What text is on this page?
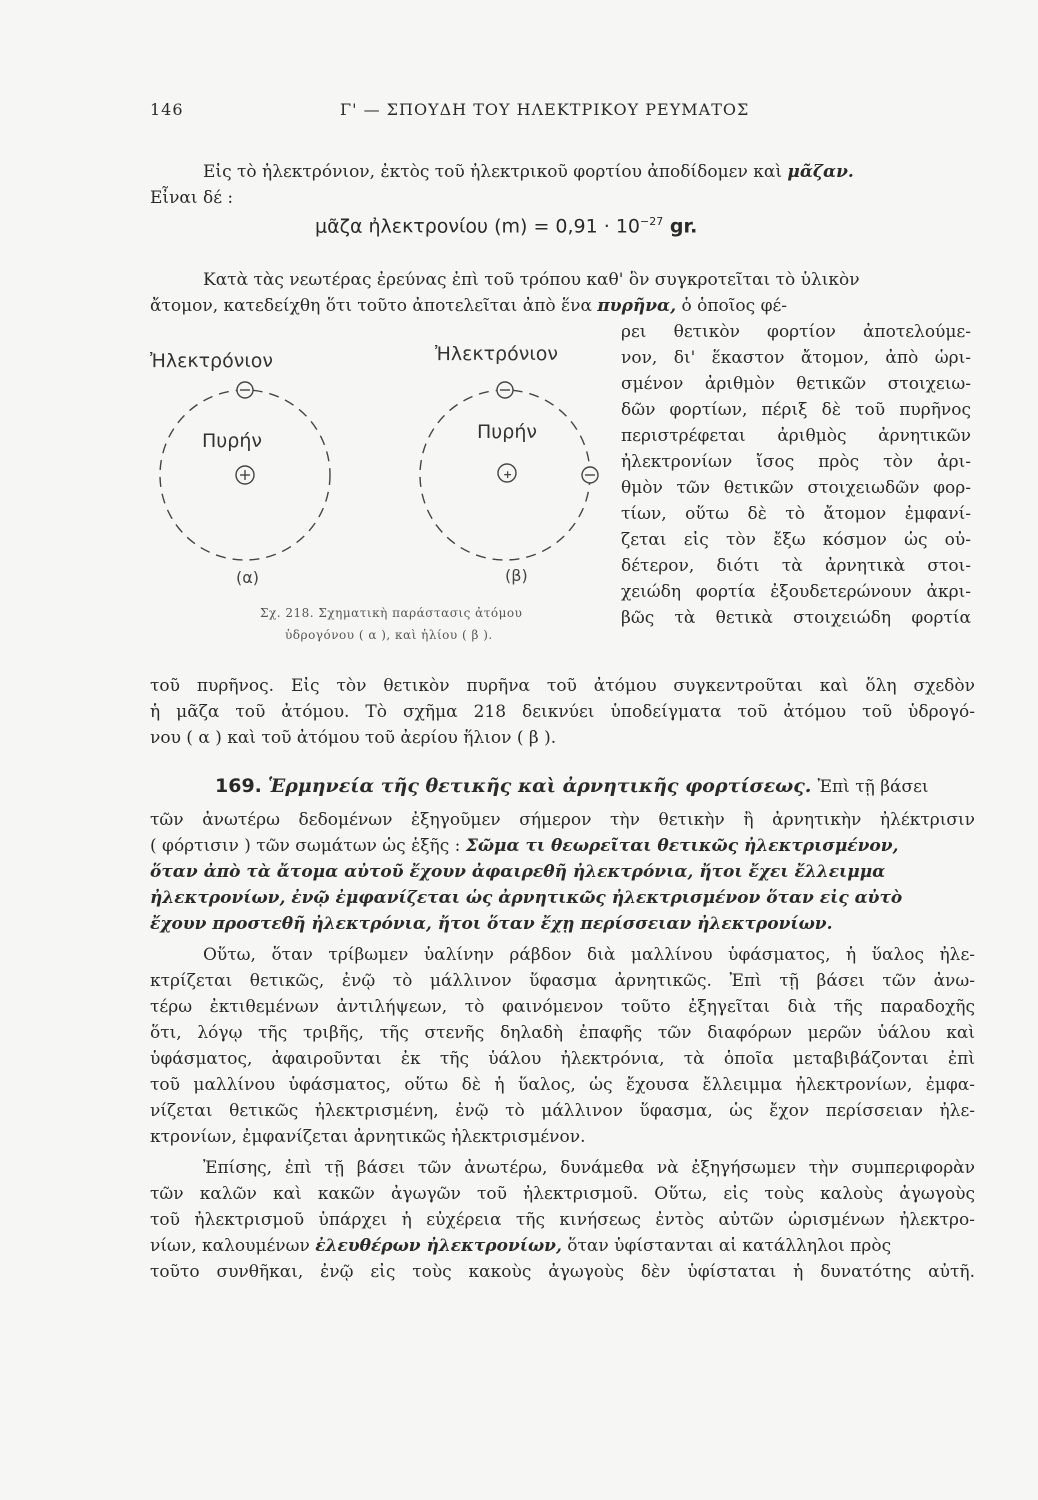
146	Γ' — ΣΠΟΥΔΗ ΤΟΥ ΗΛΕΚΤΡΙΚΟΥ ΡΕΥΜΑΤΟΣ
Εἰς τὸ ἠλεκτρόνιον, ἐκτὸς τοῦ ἠλεκτρικοῦ φορτίου ἀποδίδομεν καὶ μᾶζαν.
Εἶναι δέ :
μᾶζα ἠλεκτρονίου $(m) = 0,91 \cdot 10^{-27}$ gr.
Κατὰ τὰς νεωτέρας ἐρεύνας ἐπὶ τοῦ τρόπου καθ' ὃν συγκροτεῖται τὸ ὑλικὸν
ἄτομον, κατεδείχθη ὅτι τοῦτο ἀποτελεῖται ἀπὸ ἕνα πυρῆνα, ὁ ὁποῖος φέ-
ρει θετικὸν φορτίον ἀποτελούμε-
νον, δι' ἕκαστον ἄτομον, ἀπὸ ὡρι-
σμένον ἀριθμὸν θετικῶν στοιχειω-
δῶν φορτίων, πέριξ δὲ τοῦ πυρῆνος
περιστρέφεται ἀριθμὸς ἀρνητικῶν
ἠλεκτρονίων ἴσος πρὸς τὸν ἀρι-
θμὸν τῶν θετικῶν στοιχειωδῶν φορ-
τίων, οὕτω δὲ τὸ ἄτομον ἐμφανί-
ζεται εἰς τὸν ἔξω κόσμον ὡς οὐ-
δέτερον, διότι τὰ ἀρνητικὰ στοι-
χειώδη φορτία ἐξουδετερώνουν ἀκρι-
βῶς τὰ θετικὰ στοιχειώδη φορτία
Ἠλεκτρόνιον
Πυρήν
(α)
Ἠλεκτρόνιον
Πυρήν
+
(β)
Σχ. 218. Σχηματικὴ παράστασις ἀτόμου
ὑδρογόνου ( α ), καὶ ἡλίου ( β ).
τοῦ πυρῆνος. Εἰς τὸν θετικὸν πυρῆνα τοῦ ἀτόμου συγκεντροῦται καὶ ὅλη σχεδὸν
ἡ μᾶζα τοῦ ἀτόμου. Τὸ σχῆμα 218 δεικνύει ὑποδείγματα τοῦ ἀτόμου τοῦ ὑδρογό-
νου ( α ) καὶ τοῦ ἀτόμου τοῦ ἀερίου ἥλιον ( β ).
169. Ἑρμηνεία τῆς θετικῆς καὶ ἀρνητικῆς φορτίσεως. Ἐπὶ τῇ βάσει
τῶν ἀνωτέρω δεδομένων ἐξηγοῦμεν σήμερον τὴν θετικὴν ἢ ἀρνητικὴν ἠλέκτρισιν
( φόρτισιν ) τῶν σωμάτων ὡς ἑξῆς : Σῶμα τι θεωρεῖται θετικῶς ἠλεκτρισμένον,
ὅταν ἀπὸ τὰ ἄτομα αὐτοῦ ἔχουν ἀφαιρεθῆ ἠλεκτρόνια, ἤτοι ἔχει ἔλλειμμα
ἠλεκτρονίων, ἐνῷ ἐμφανίζεται ὡς ἀρνητικῶς ἠλεκτρισμένον ὅταν εἰς αὐτὸ
ἔχουν προστεθῆ ἠλεκτρόνια, ἤτοι ὅταν ἔχῃ περίσσειαν ἠλεκτρονίων.
Οὕτω, ὅταν τρίβωμεν ὑαλίνην ράβδον διὰ μαλλίνου ὑφάσματος, ἡ ὕαλος ἠλε-
κτρίζεται θετικῶς, ἐνῷ τὸ μάλλινον ὕφασμα ἀρνητικῶς. Ἐπὶ τῇ βάσει τῶν ἀνω-
τέρω ἐκτιθεμένων ἀντιλήψεων, τὸ φαινόμενον τοῦτο ἐξηγεῖται διὰ τῆς παραδοχῆς
ὅτι, λόγῳ τῆς τριβῆς, τῆς στενῆς δηλαδὴ ἐπαφῆς τῶν διαφόρων μερῶν ὑάλου καὶ
ὑφάσματος, ἀφαιροῦνται ἐκ τῆς ὑάλου ἠλεκτρόνια, τὰ ὁποῖα μεταβιβάζονται ἐπὶ
τοῦ μαλλίνου ὑφάσματος, οὕτω δὲ ἡ ὕαλος, ὡς ἔχουσα ἔλλειμμα ἠλεκτρονίων, ἐμφα-
νίζεται θετικῶς ἠλεκτρισμένη, ἐνῷ τὸ μάλλινον ὕφασμα, ὡς ἔχον περίσσειαν ἠλε-
κτρονίων, ἐμφανίζεται ἀρνητικῶς ἠλεκτρισμένον.
Ἐπίσης, ἐπὶ τῇ βάσει τῶν ἀνωτέρω, δυνάμεθα νὰ ἐξηγήσωμεν τὴν συμπεριφορὰν
τῶν καλῶν καὶ κακῶν ἀγωγῶν τοῦ ἠλεκτρισμοῦ. Οὕτω, εἰς τοὺς καλοὺς ἀγωγοὺς
τοῦ ἠλεκτρισμοῦ ὑπάρχει ἡ εὐχέρεια τῆς κινήσεως ἐντὸς αὐτῶν ὡρισμένων ἠλεκτρο-
νίων, καλουμένων ἐλευθέρων ἠλεκτρονίων, ὅταν ὑφίστανται αἱ κατάλληλοι πρὸς
τοῦτο συνθῆκαι, ἐνῷ εἰς τοὺς κακοὺς ἀγωγοὺς δὲν ὑφίσταται ἡ δυνατότης αὐτῆ.
